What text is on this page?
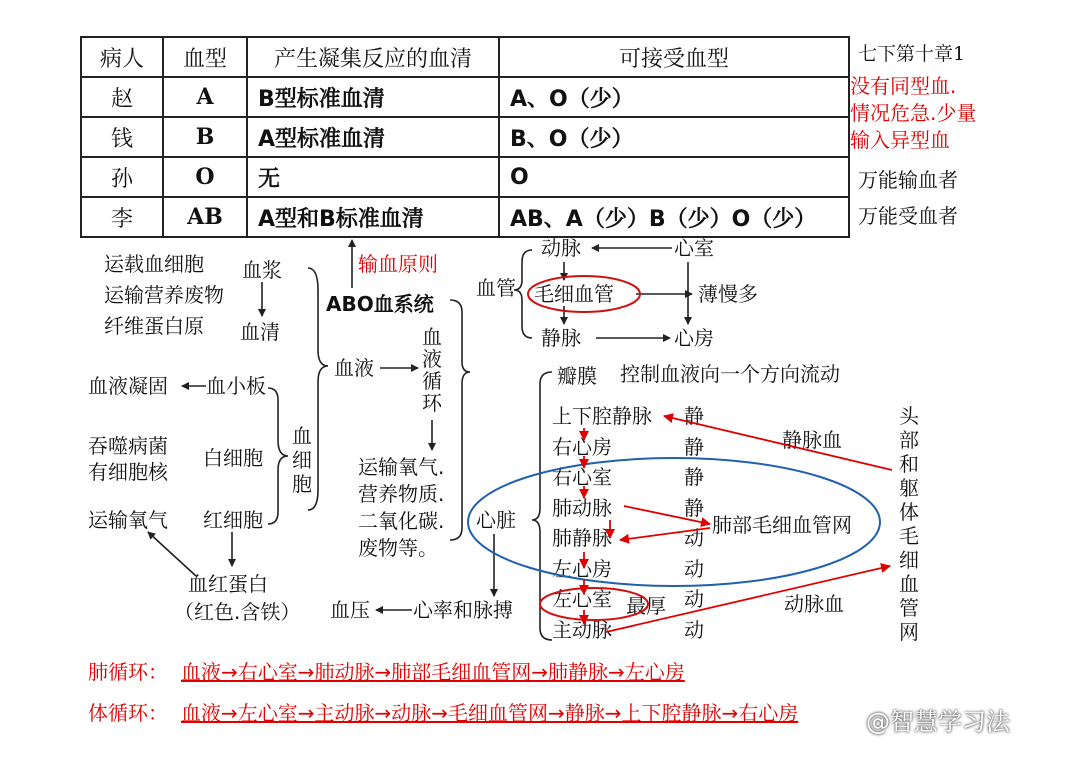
病人	血型	产生凝集反应的血清	可接受血型
赵	A	B型标准血清	A、O（少）
钱	B	A型标准血清	B、O（少）
孙	O	无	O
李	AB	A型和B标准血清	AB、A（少）B（少）O（少）
七下第十章1
没有同型血.
情况危急.少量
输入异型血
万能输血者
万能受血者
运载血细胞
运输营养废物
纤维蛋白原
血浆
血清
血液凝固 血小板
吞噬病菌
有细胞核
白细胞
运输氧气 红细胞
血红蛋白
（红色.含铁）
血
细
胞
输血原则
ABO血系统
血液
血
液
循
环
运输氧气.
营养物质.
二氧化碳.
废物等。
血压 心率和脉搏
血管
动脉	心室
毛细血管	薄慢多
静脉	心房
瓣膜 控制血液向一个方向流动
心脏
上下腔静脉 静
右心房	静
右心室	静
肺动脉	静
肺静脉	动
左心房	动
左心室	动
主动脉	动
最厚
肺部毛细血管网
静脉血
动脉血
头
部
和
躯
体
毛
细
血
管
网
肺循环： 血液→右心室→肺动脉→肺部毛细血管网→肺静脉→左心房
体循环： 血液→左心室→主动脉→动脉→毛细血管网→静脉→上下腔静脉→右心房	@智慧学习法
